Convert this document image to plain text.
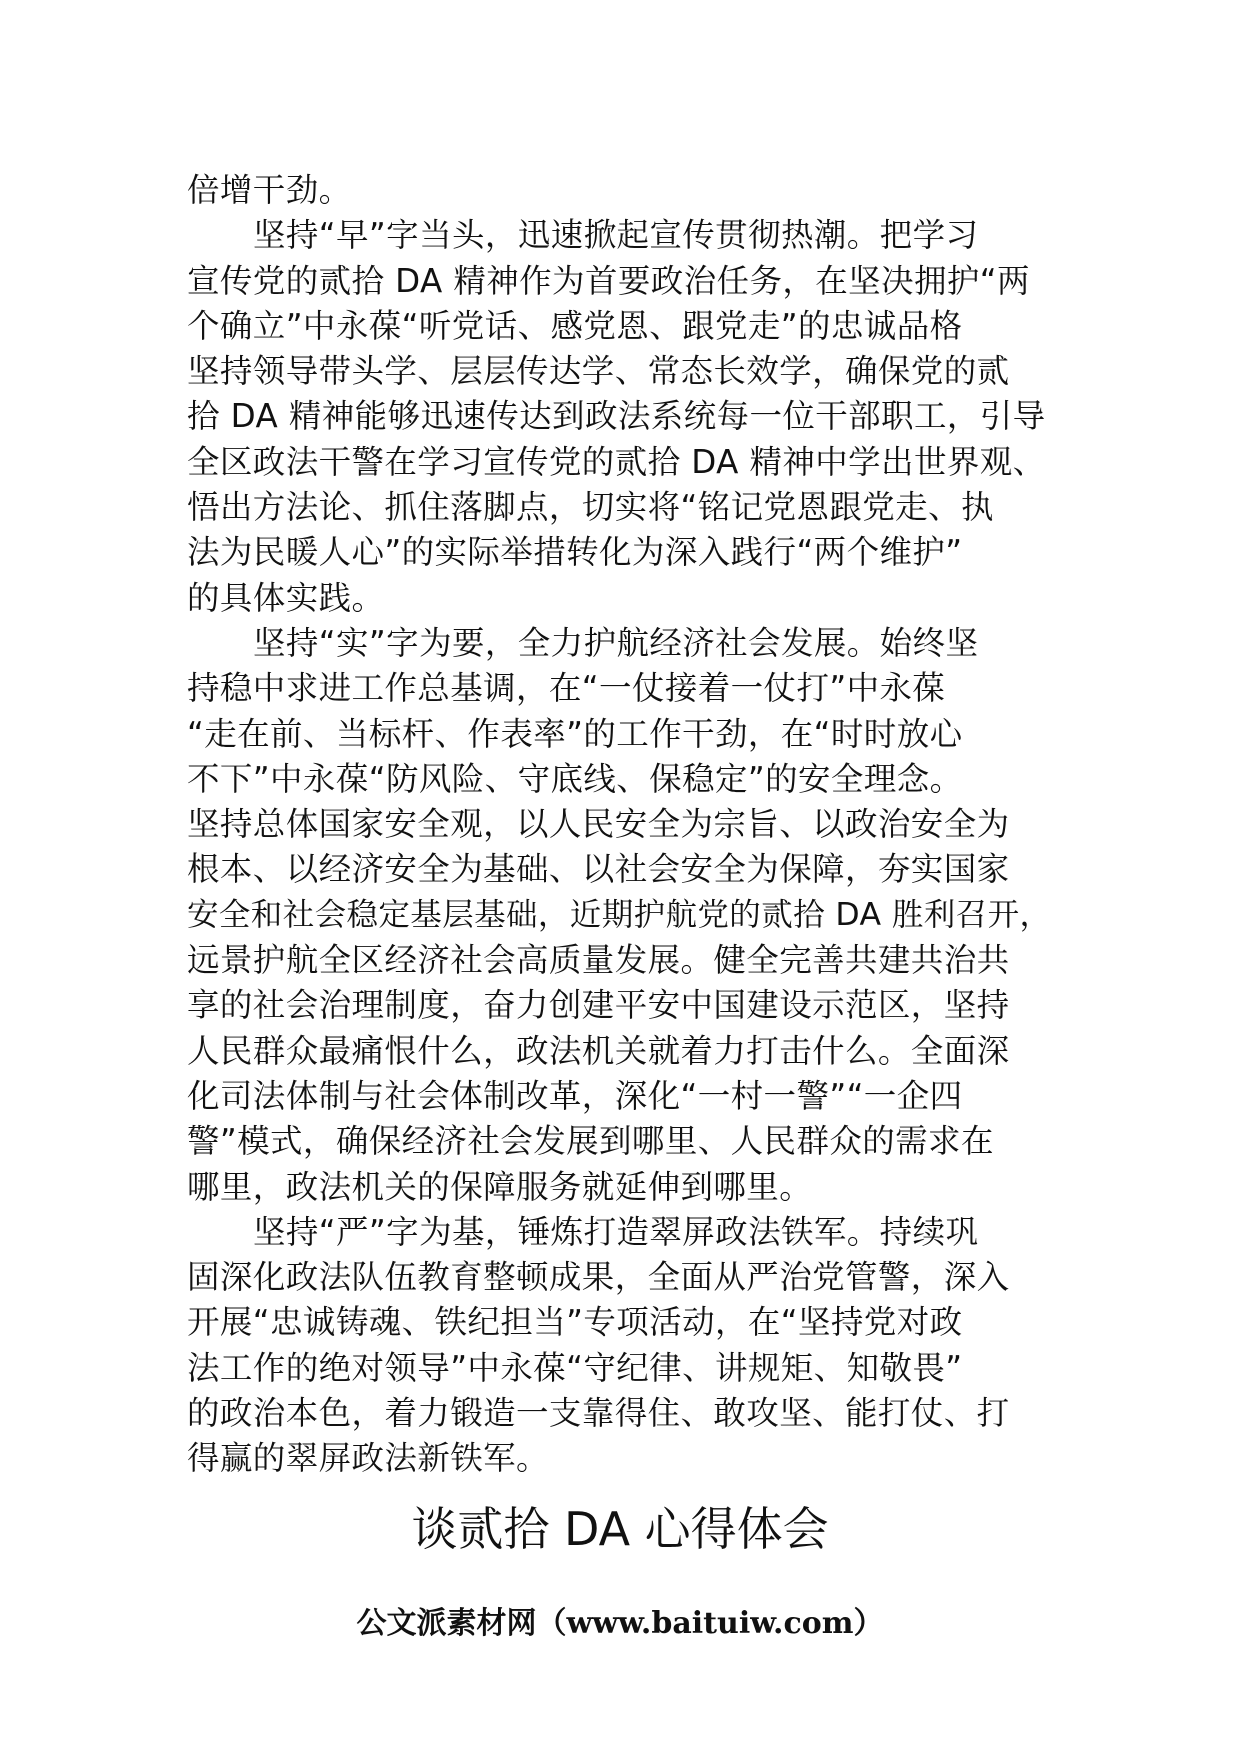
倍增干劲。
坚持“早”字当头，迅速掀起宣传贯彻热潮。把学习
宣传党的贰拾 DA 精神作为首要政治任务，在坚决拥护“两
个确立”中永葆“听党话、感党恩、跟党走”的忠诚品格
坚持领导带头学、层层传达学、常态长效学，确保党的贰
拾 DA 精神能够迅速传达到政法系统每一位干部职工，引导
全区政法干警在学习宣传党的贰拾 DA 精神中学出世界观、
悟出方法论、抓住落脚点，切实将“铭记党恩跟党走、执
法为民暖人心”的实际举措转化为深入践行“两个维护”
的具体实践。
坚持“实”字为要，全力护航经济社会发展。始终坚
持稳中求进工作总基调，在“一仗接着一仗打”中永葆
“走在前、当标杆、作表率”的工作干劲，在“时时放心
不下”中永葆“防风险、守底线、保稳定”的安全理念。
坚持总体国家安全观，以人民安全为宗旨、以政治安全为
根本、以经济安全为基础、以社会安全为保障，夯实国家
安全和社会稳定基层基础，近期护航党的贰拾 DA 胜利召开，
远景护航全区经济社会高质量发展。健全完善共建共治共
享的社会治理制度，奋力创建平安中国建设示范区，坚持
人民群众最痛恨什么，政法机关就着力打击什么。全面深
化司法体制与社会体制改革，深化“一村一警”“一企四
警”模式，确保经济社会发展到哪里、人民群众的需求在
哪里，政法机关的保障服务就延伸到哪里。
坚持“严”字为基，锤炼打造翠屏政法铁军。持续巩
固深化政法队伍教育整顿成果，全面从严治党管警，深入
开展“忠诚铸魂、铁纪担当”专项活动，在“坚持党对政
法工作的绝对领导”中永葆“守纪律、讲规矩、知敬畏”
的政治本色，着力锻造一支靠得住、敢攻坚、能打仗、打
得赢的翠屏政法新铁军。
谈贰拾 DA 心得体会
公文派素材网（www.baituiw.com）
